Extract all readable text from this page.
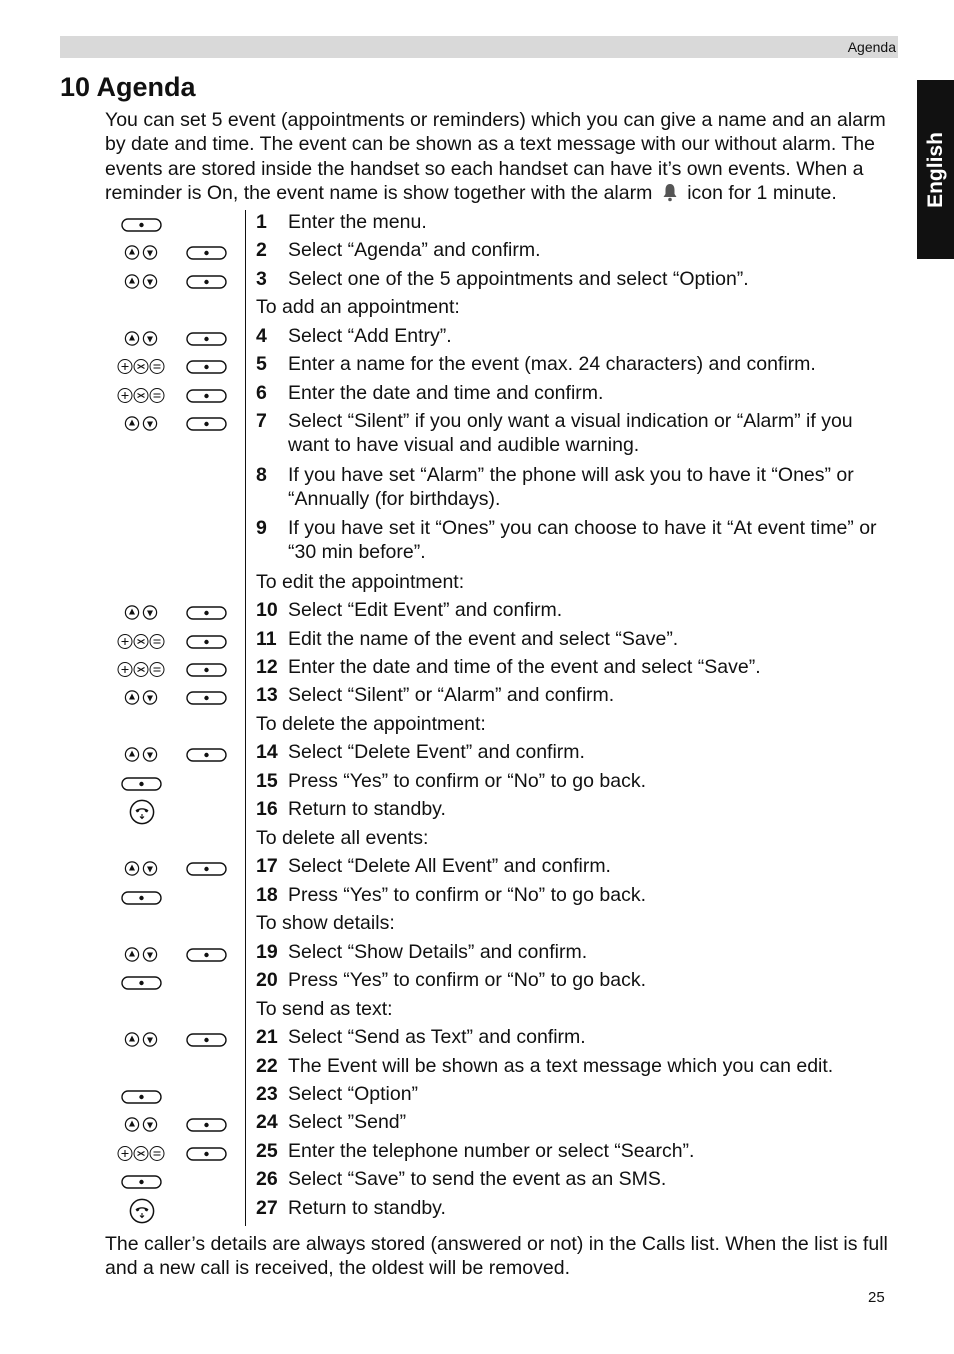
Agenda
English
10 Agenda

You can set 5 event (appointments or reminders) which you can give a name and an alarm by date and time. The event can be shown as a text message with our without alarm. The events are stored inside the handset so each handset can have it’s own events. When a reminder is On, the event name is show together with the alarm icon for 1 minute.

1 Enter the menu.
2 Select “Agenda” and confirm.
3 Select one of the 5 appointments and select “Option”.
To add an appointment:
4 Select “Add Entry”.
5 Enter a name for the event (max. 24 characters) and confirm.
6 Enter the date and time and confirm.
7 Select “Silent” if you only want a visual indication or “Alarm” if you want to have visual and audible warning.
8 If you have set “Alarm” the phone will ask you to have it “Ones” or “Annually (for birthdays).
9 If you have set it “Ones” you can choose to have it “At event time” or “30 min before”.
To edit the appointment:
10 Select “Edit Event” and confirm.
11 Edit the name of the event and select “Save”.
12 Enter the date and time of the event and select “Save”.
13 Select “Silent” or “Alarm” and confirm.
To delete the appointment:
14 Select “Delete Event” and confirm.
15 Press “Yes” to confirm or “No” to go back.
16 Return to standby.
To delete all events:
17 Select “Delete All Event” and confirm.
18 Press “Yes” to confirm or “No” to go back.
To show details:
19 Select “Show Details” and confirm.
20 Press “Yes” to confirm or “No” to go back.
To send as text:
21 Select “Send as Text” and confirm.
22 The Event will be shown as a text message which you can edit.
23 Select “Option”
24 Select ”Send”
25 Enter the telephone number or select “Search”.
26 Select “Save” to send the event as an SMS.
27 Return to standby.

The caller’s details are always stored (answered or not) in the Calls list. When the list is full and a new call is received, the oldest will be removed.

25
